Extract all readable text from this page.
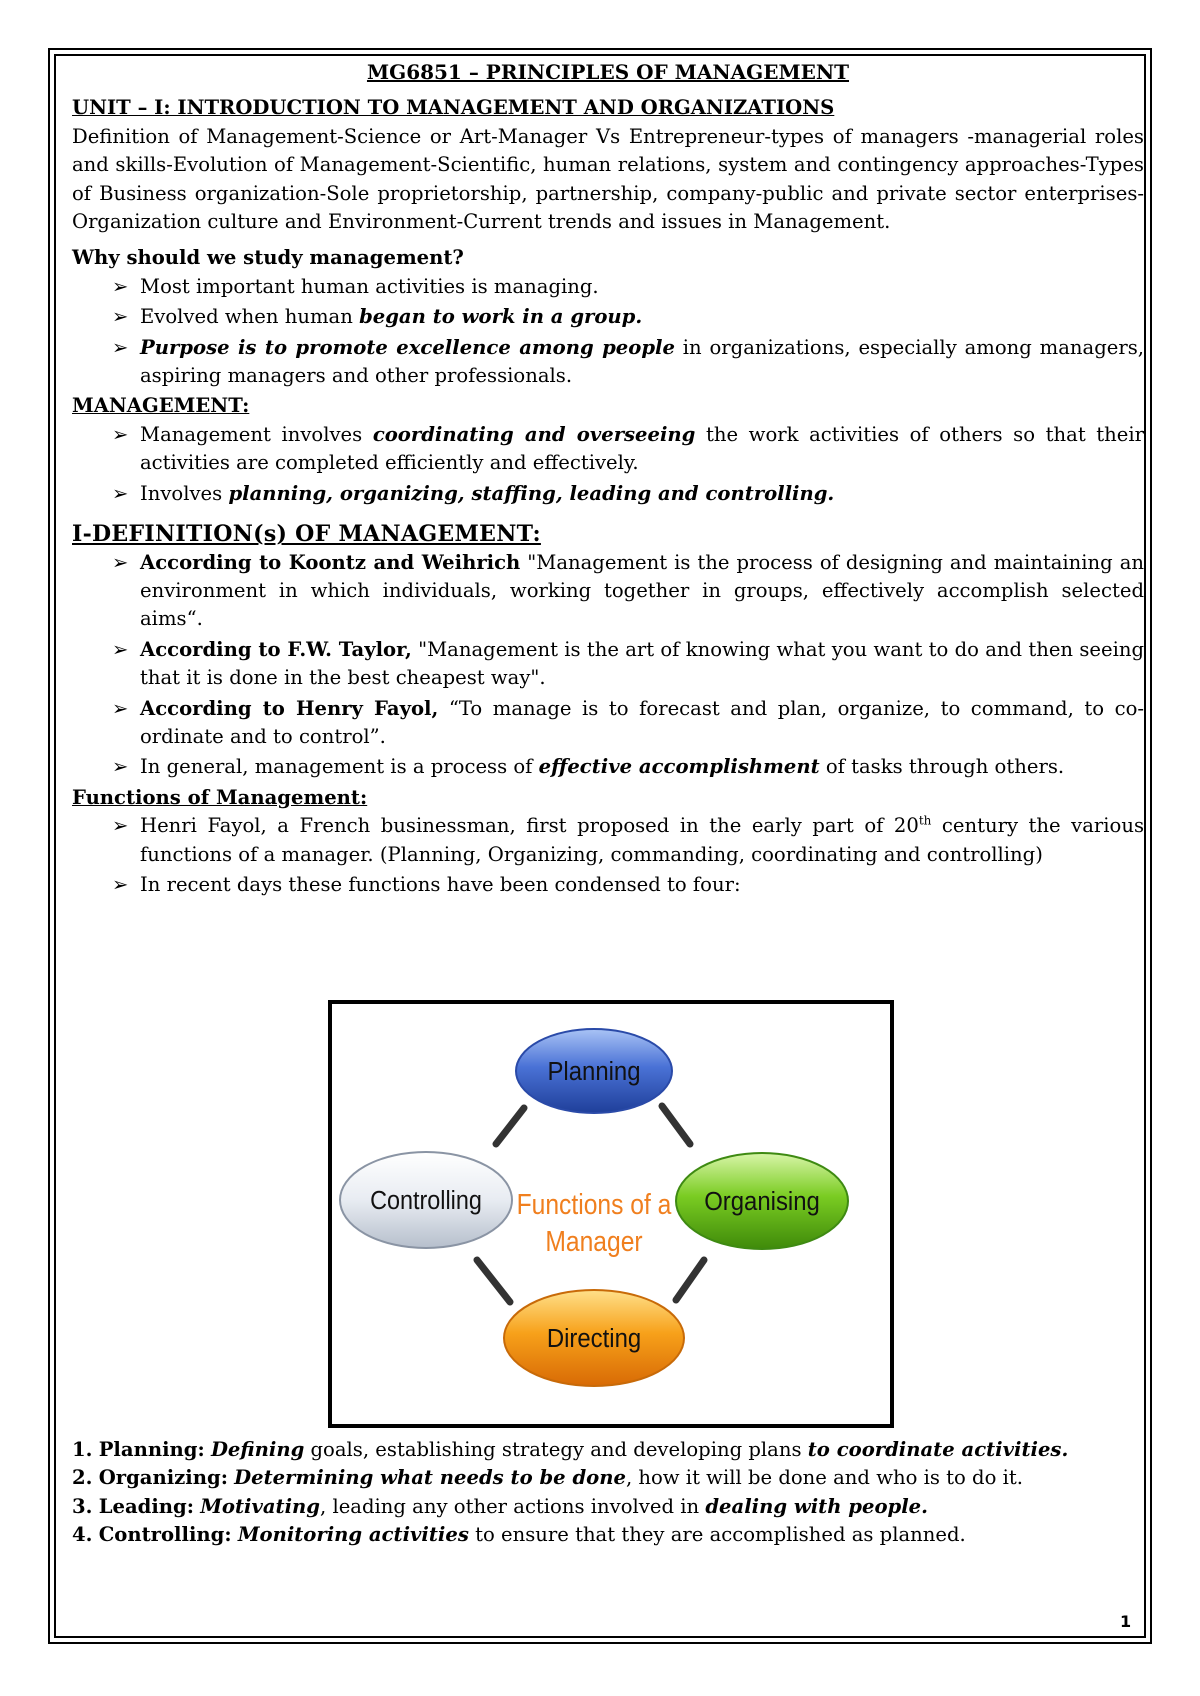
MG6851 – PRINCIPLES OF MANAGEMENT

UNIT – I: INTRODUCTION TO MANAGEMENT AND ORGANIZATIONS

Definition of Management-Science or Art-Manager Vs Entrepreneur-types of managers -managerial roles and skills-Evolution of Management-Scientific, human relations, system and contingency approaches-Types of Business organization-Sole proprietorship, partnership, company-public and private sector enterprises-Organization culture and Environment-Current trends and issues in Management.

Why should we study management?

➢ Most important human activities is managing.
➢ Evolved when human began to work in a group.
➢ Purpose is to promote excellence among people in organizations, especially among managers, aspiring managers and other professionals.

MANAGEMENT:

➢ Management involves coordinating and overseeing the work activities of others so that their activities are completed efficiently and effectively.
➢ Involves planning, organizing, staffing, leading and controlling.

I-DEFINITION(s) OF MANAGEMENT:

➢ According to Koontz and Weihrich "Management is the process of designing and maintaining an environment in which individuals, working together in groups, effectively accomplish selected aims“.
➢ According to F.W. Taylor, "Management is the art of knowing what you want to do and then seeing that it is done in the best cheapest way".
➢ According to Henry Fayol, “To manage is to forecast and plan, organize, to command, to co-ordinate and to control”.
➢ In general, management is a process of effective accomplishment of tasks through others.

Functions of Management:

➢ Henri Fayol, a French businessman, first proposed in the early part of 20th century the various functions of a manager. (Planning, Organizing, commanding, coordinating and controlling)
➢ In recent days these functions have been condensed to four:
Planning
Organising
Directing
Controlling Functions of a
Manager
1. Planning: Defining goals, establishing strategy and developing plans to coordinate activities.
2. Organizing: Determining what needs to be done, how it will be done and who is to do it.
3. Leading: Motivating, leading any other actions involved in dealing with people.
4. Controlling: Monitoring activities to ensure that they are accomplished as planned.
1
